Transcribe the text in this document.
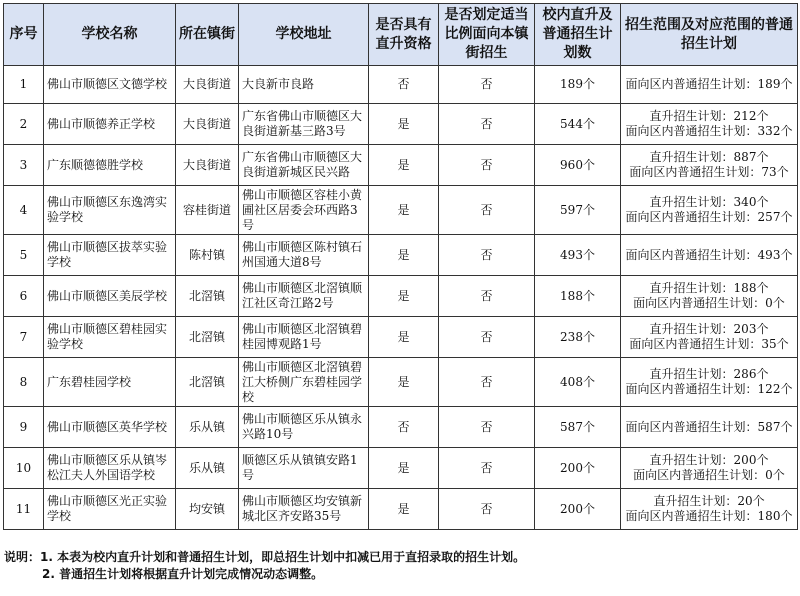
序号	学校名称	所在镇街	学校地址	是否具有直升资格	是否划定适当比例面向本镇街招生	校内直升及普通招生计划数	招生范围及对应范围的普通招生计划
1	佛山市顺德区文德学校	大良街道	大良新市良路	否	否	189个	面向区内普通招生计划：189个

2	佛山市顺德养正学校	大良街道	广东省佛山市顺德区大良街道新基三路3号	是	否	544个	直升招生计划：212个
面向区内普通招生计划：332个

3	广东顺德德胜学校	大良街道	广东省佛山市顺德区大良街道新城区民兴路	是	否	960个	直升招生计划：887个
面向区内普通招生计划：73个

4	佛山市顺德区东逸湾实验学校	容桂街道	佛山市顺德区容桂小黄圃社区居委会环西路3号	是	否	597个	直升招生计划：340个
面向区内普通招生计划：257个

5	佛山市顺德区拔萃实验学校	陈村镇	佛山市顺德区陈村镇石州国通大道8号	是	否	493个	面向区内普通招生计划：493个

6	佛山市顺德区美辰学校	北滘镇	佛山市顺德区北滘镇顺江社区奇江路2号	是	否	188个	直升招生计划：188个
面向区内普通招生计划：0个

7	佛山市顺德区碧桂园实验学校	北滘镇	佛山市顺德区北滘镇碧桂园博观路1号	是	否	238个	直升招生计划：203个
面向区内普通招生计划：35个

8	广东碧桂园学校	北滘镇	佛山市顺德区北滘镇碧江大桥侧广东碧桂园学校	是	否	408个	直升招生计划：286个
面向区内普通招生计划：122个

9	佛山市顺德区英华学校	乐从镇	佛山市顺德区乐从镇永兴路10号	否	否	587个	面向区内普通招生计划：587个

10	佛山市顺德区乐从镇岑松江夫人外国语学校	乐从镇	顺德区乐从镇镇安路1号	是	否	200个	直升招生计划：200个
面向区内普通招生计划：0个

11	佛山市顺德区光正实验学校	均安镇	佛山市顺德区均安镇新城北区齐安路35号	是	否	200个	直升招生计划：20个
面向区内普通招生计划：180个
说明：1. 本表为校内直升计划和普通招生计划，即总招生计划中扣减已用于直招录取的招生计划。
2. 普通招生计划将根据直升计划完成情况动态调整。
